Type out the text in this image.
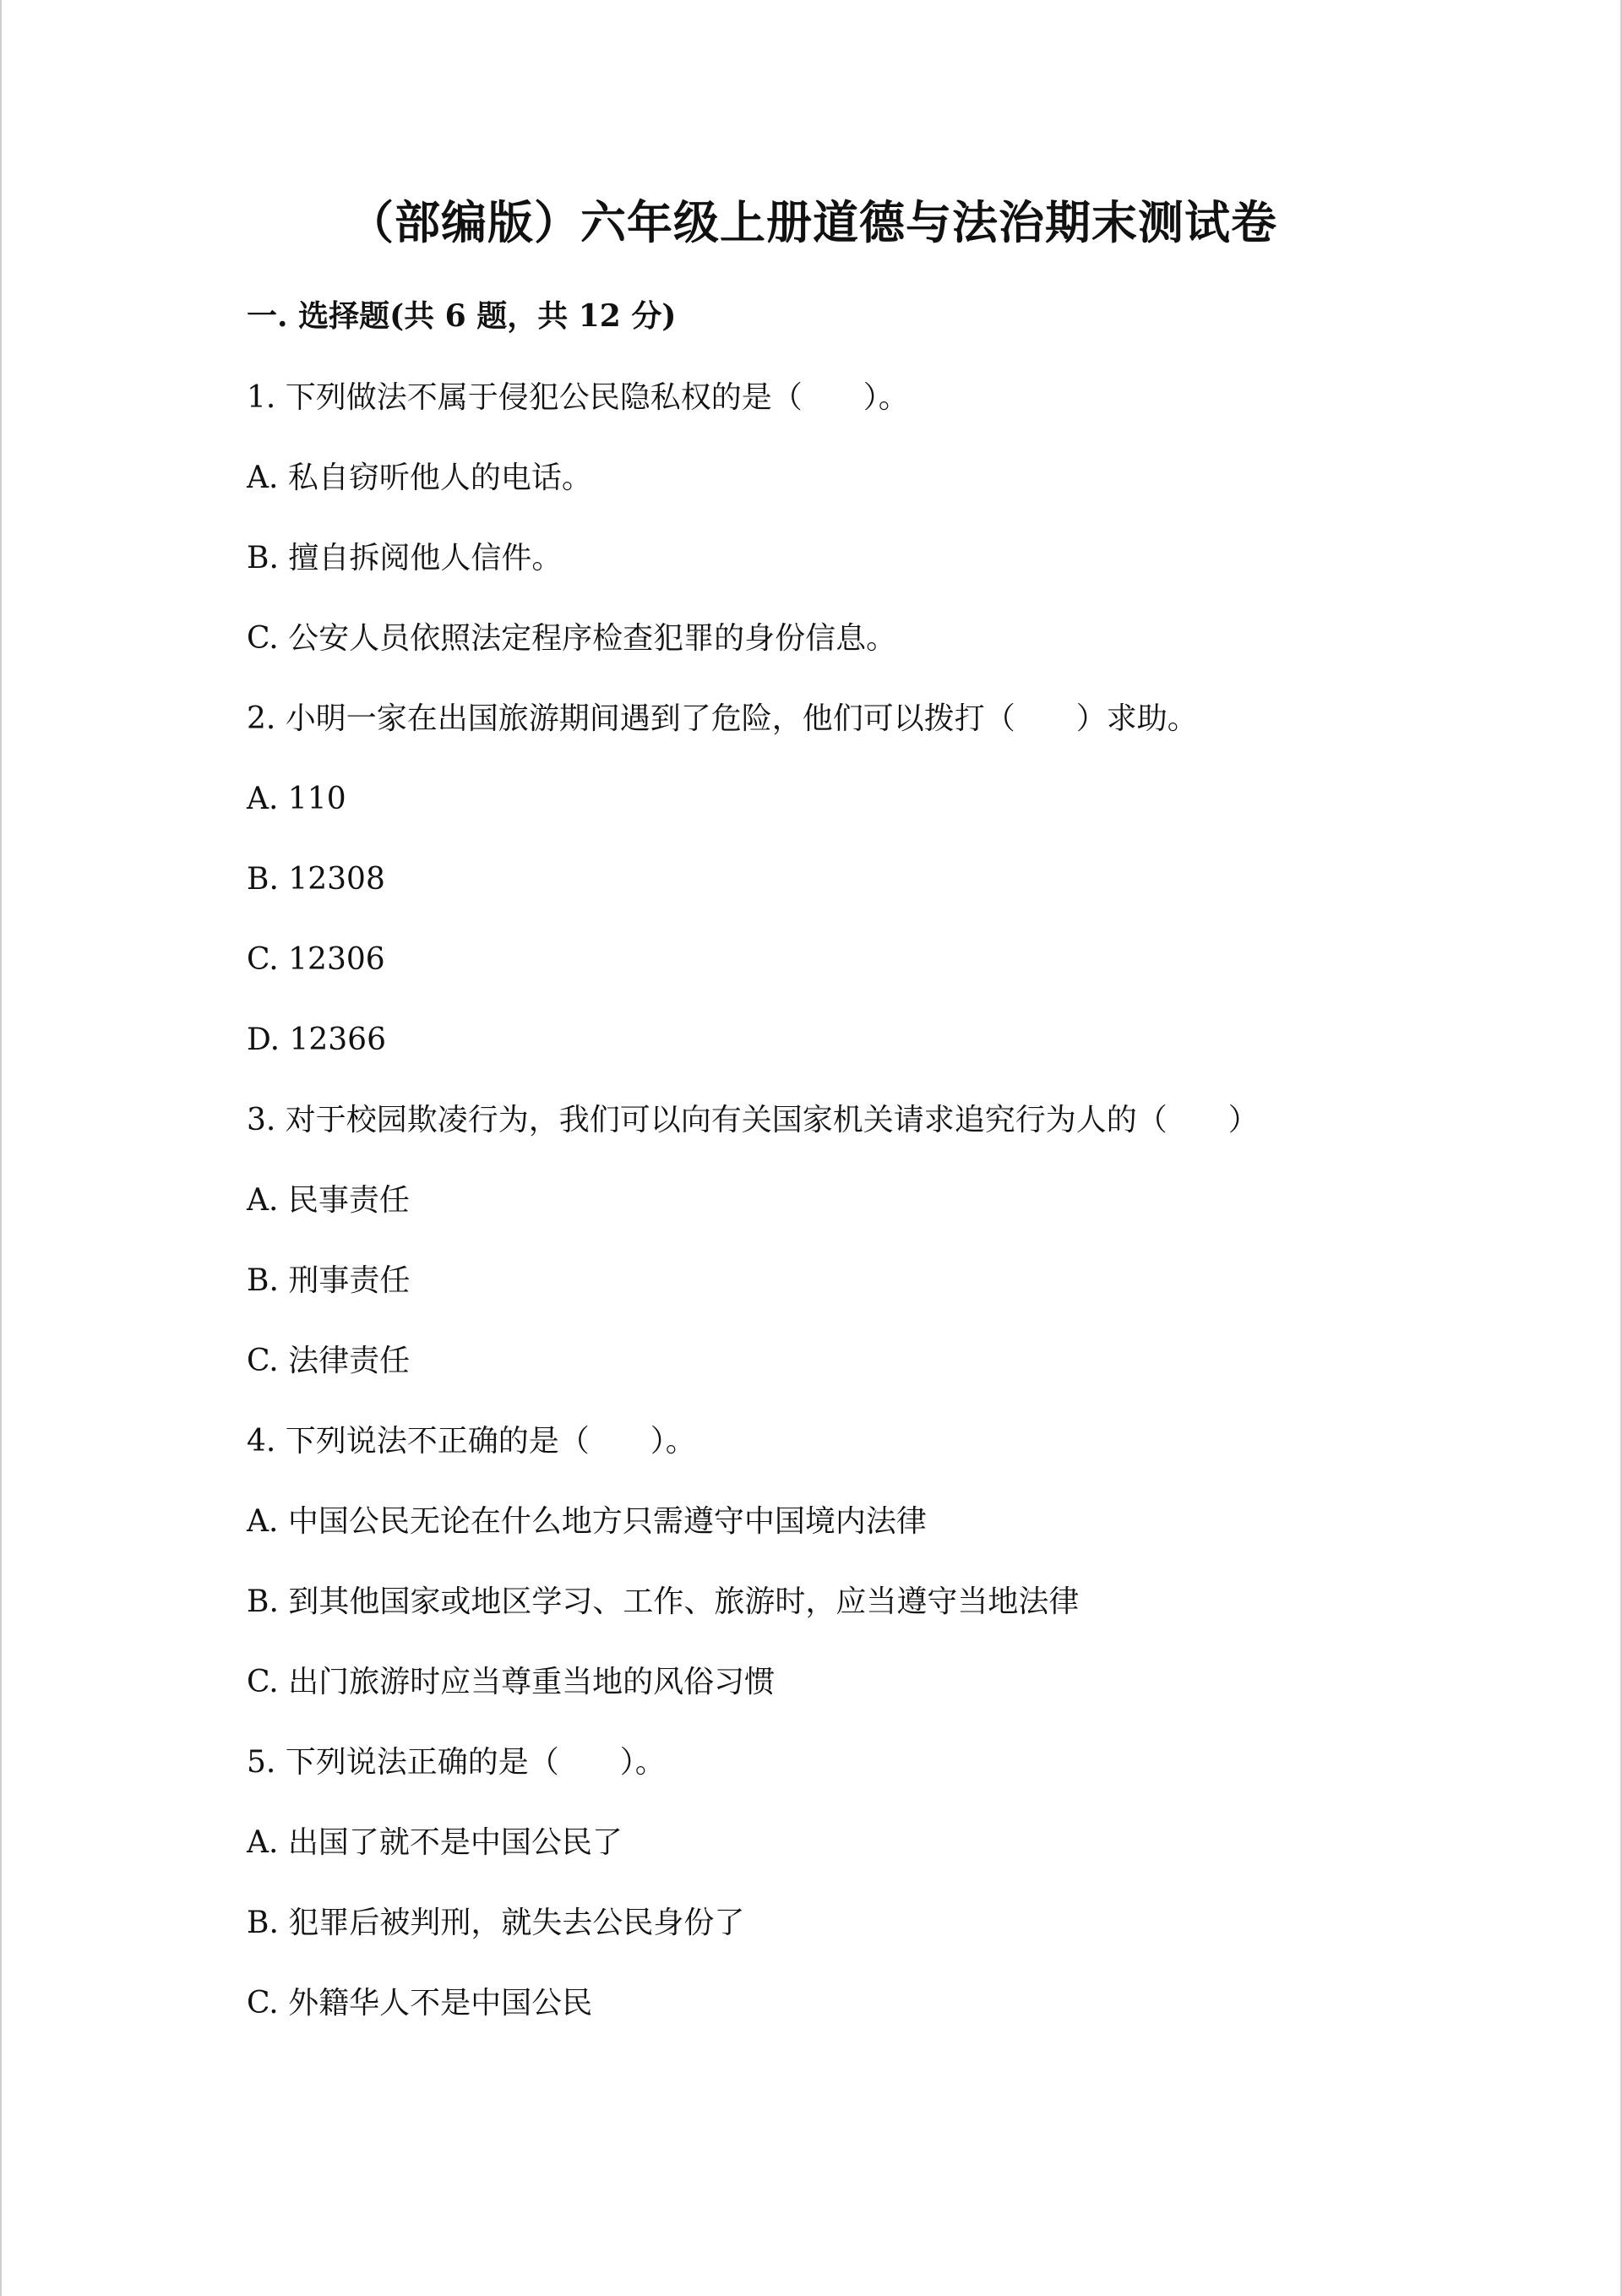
（部编版）六年级上册道德与法治期末测试卷
一. 选择题(共 6 题，共 12 分)
1. 下列做法不属于侵犯公民隐私权的是（　　）。
A. 私自窃听他人的电话。
B. 擅自拆阅他人信件。
C. 公安人员依照法定程序检查犯罪的身份信息。
2. 小明一家在出国旅游期间遇到了危险，他们可以拨打（　　）求助。
A. 110
B. 12308
C. 12306
D. 12366
3. 对于校园欺凌行为，我们可以向有关国家机关请求追究行为人的（　　）
A. 民事责任
B. 刑事责任
C. 法律责任
4. 下列说法不正确的是（　　）。
A. 中国公民无论在什么地方只需遵守中国境内法律
B. 到其他国家或地区学习、工作、旅游时，应当遵守当地法律
C. 出门旅游时应当尊重当地的风俗习惯
5. 下列说法正确的是（　　）。
A. 出国了就不是中国公民了
B. 犯罪后被判刑，就失去公民身份了
C. 外籍华人不是中国公民
